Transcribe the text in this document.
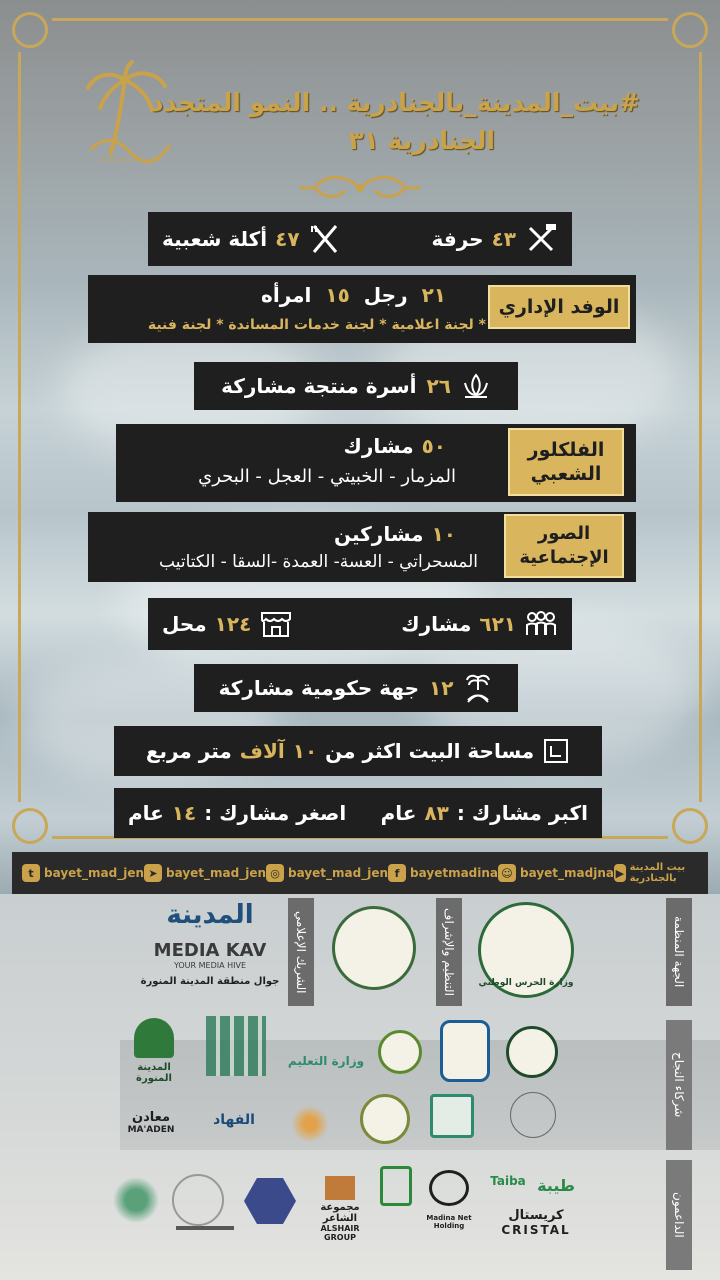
#بيت_المدينة_بالجنادرية .. النمو المتجدد
الجنادرية ٣١
٤٣
حرفة
٤٧
أكلة شعبية
٢١
رجل
١٥
امرأه
* لجنة اعلامية * لجنة خدمات المساندة * لجنة فنية
الوفد الإداري
٢٦
أسرة منتجة مشاركة
٥٠
مشارك
المزمار - الخبيتي - العجل - البحري
الفلكلور
الشعبي
١٠
مشاركين
المسحراتي - العسة- العمدة -السقا - الكتاتيب
الصور
الإجتماعية
٦٢١
مشارك
١٢٤
محل
١٢
جهة حكومية مشاركة
مساحة البيت اكثر من
١٠
آلاف
متر مربع
اكبر مشارك :
٨٣
عام
اصغر مشارك :
١٤
عام
t bayet_mad_jen ➤ bayet_mad_jen ◎ bayet_mad_jen f bayetmadina ☺ bayet_madjna ▶ بيت المدينة بالجنادرية
الجهة المنظمة
وزارة الحرس الوطني
التنظيم والإشراف
الشريك الإعلامي
المدينة
MEDIA KAV
YOUR MEDIA HIVE
جوال منطقة المدينة المنورة
شركاء النجاح
وزارة التعليم
المدينة المنورة
الفهاد
معادن
MA'ADEN
الداعمون
طيبة
Taiba
كريستال
CRISTAL
Madina Net Holding
مجموعة الشاعر
ALSHAIR GROUP
